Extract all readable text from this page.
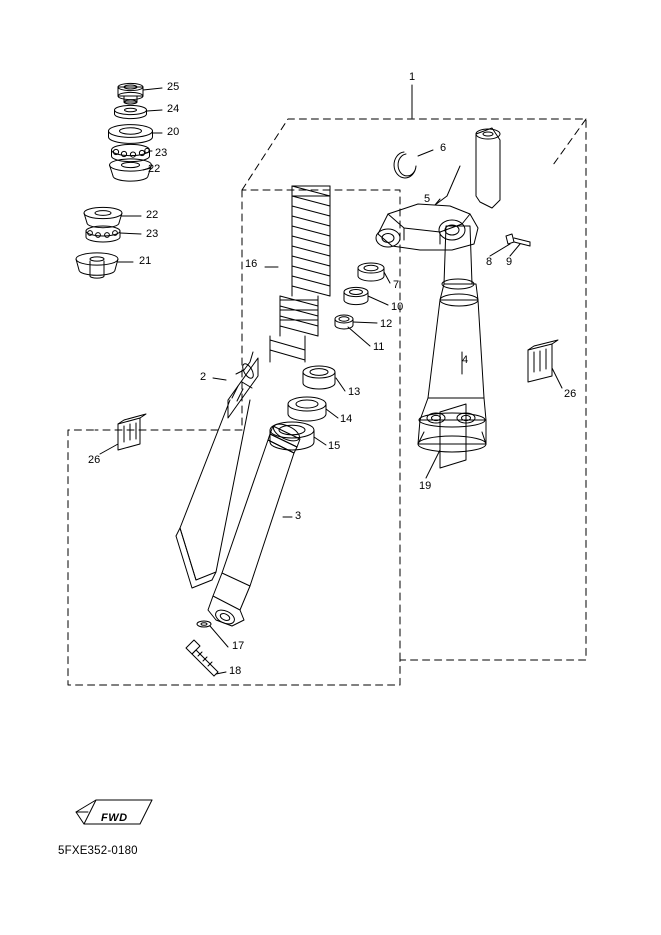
1
25
24
20
23
22
22
23
21
6
5
8 9
7
10
12
11
16
4
26
2
13
14
15
26
19
3
17
18
FWD
5FXE352-0180
